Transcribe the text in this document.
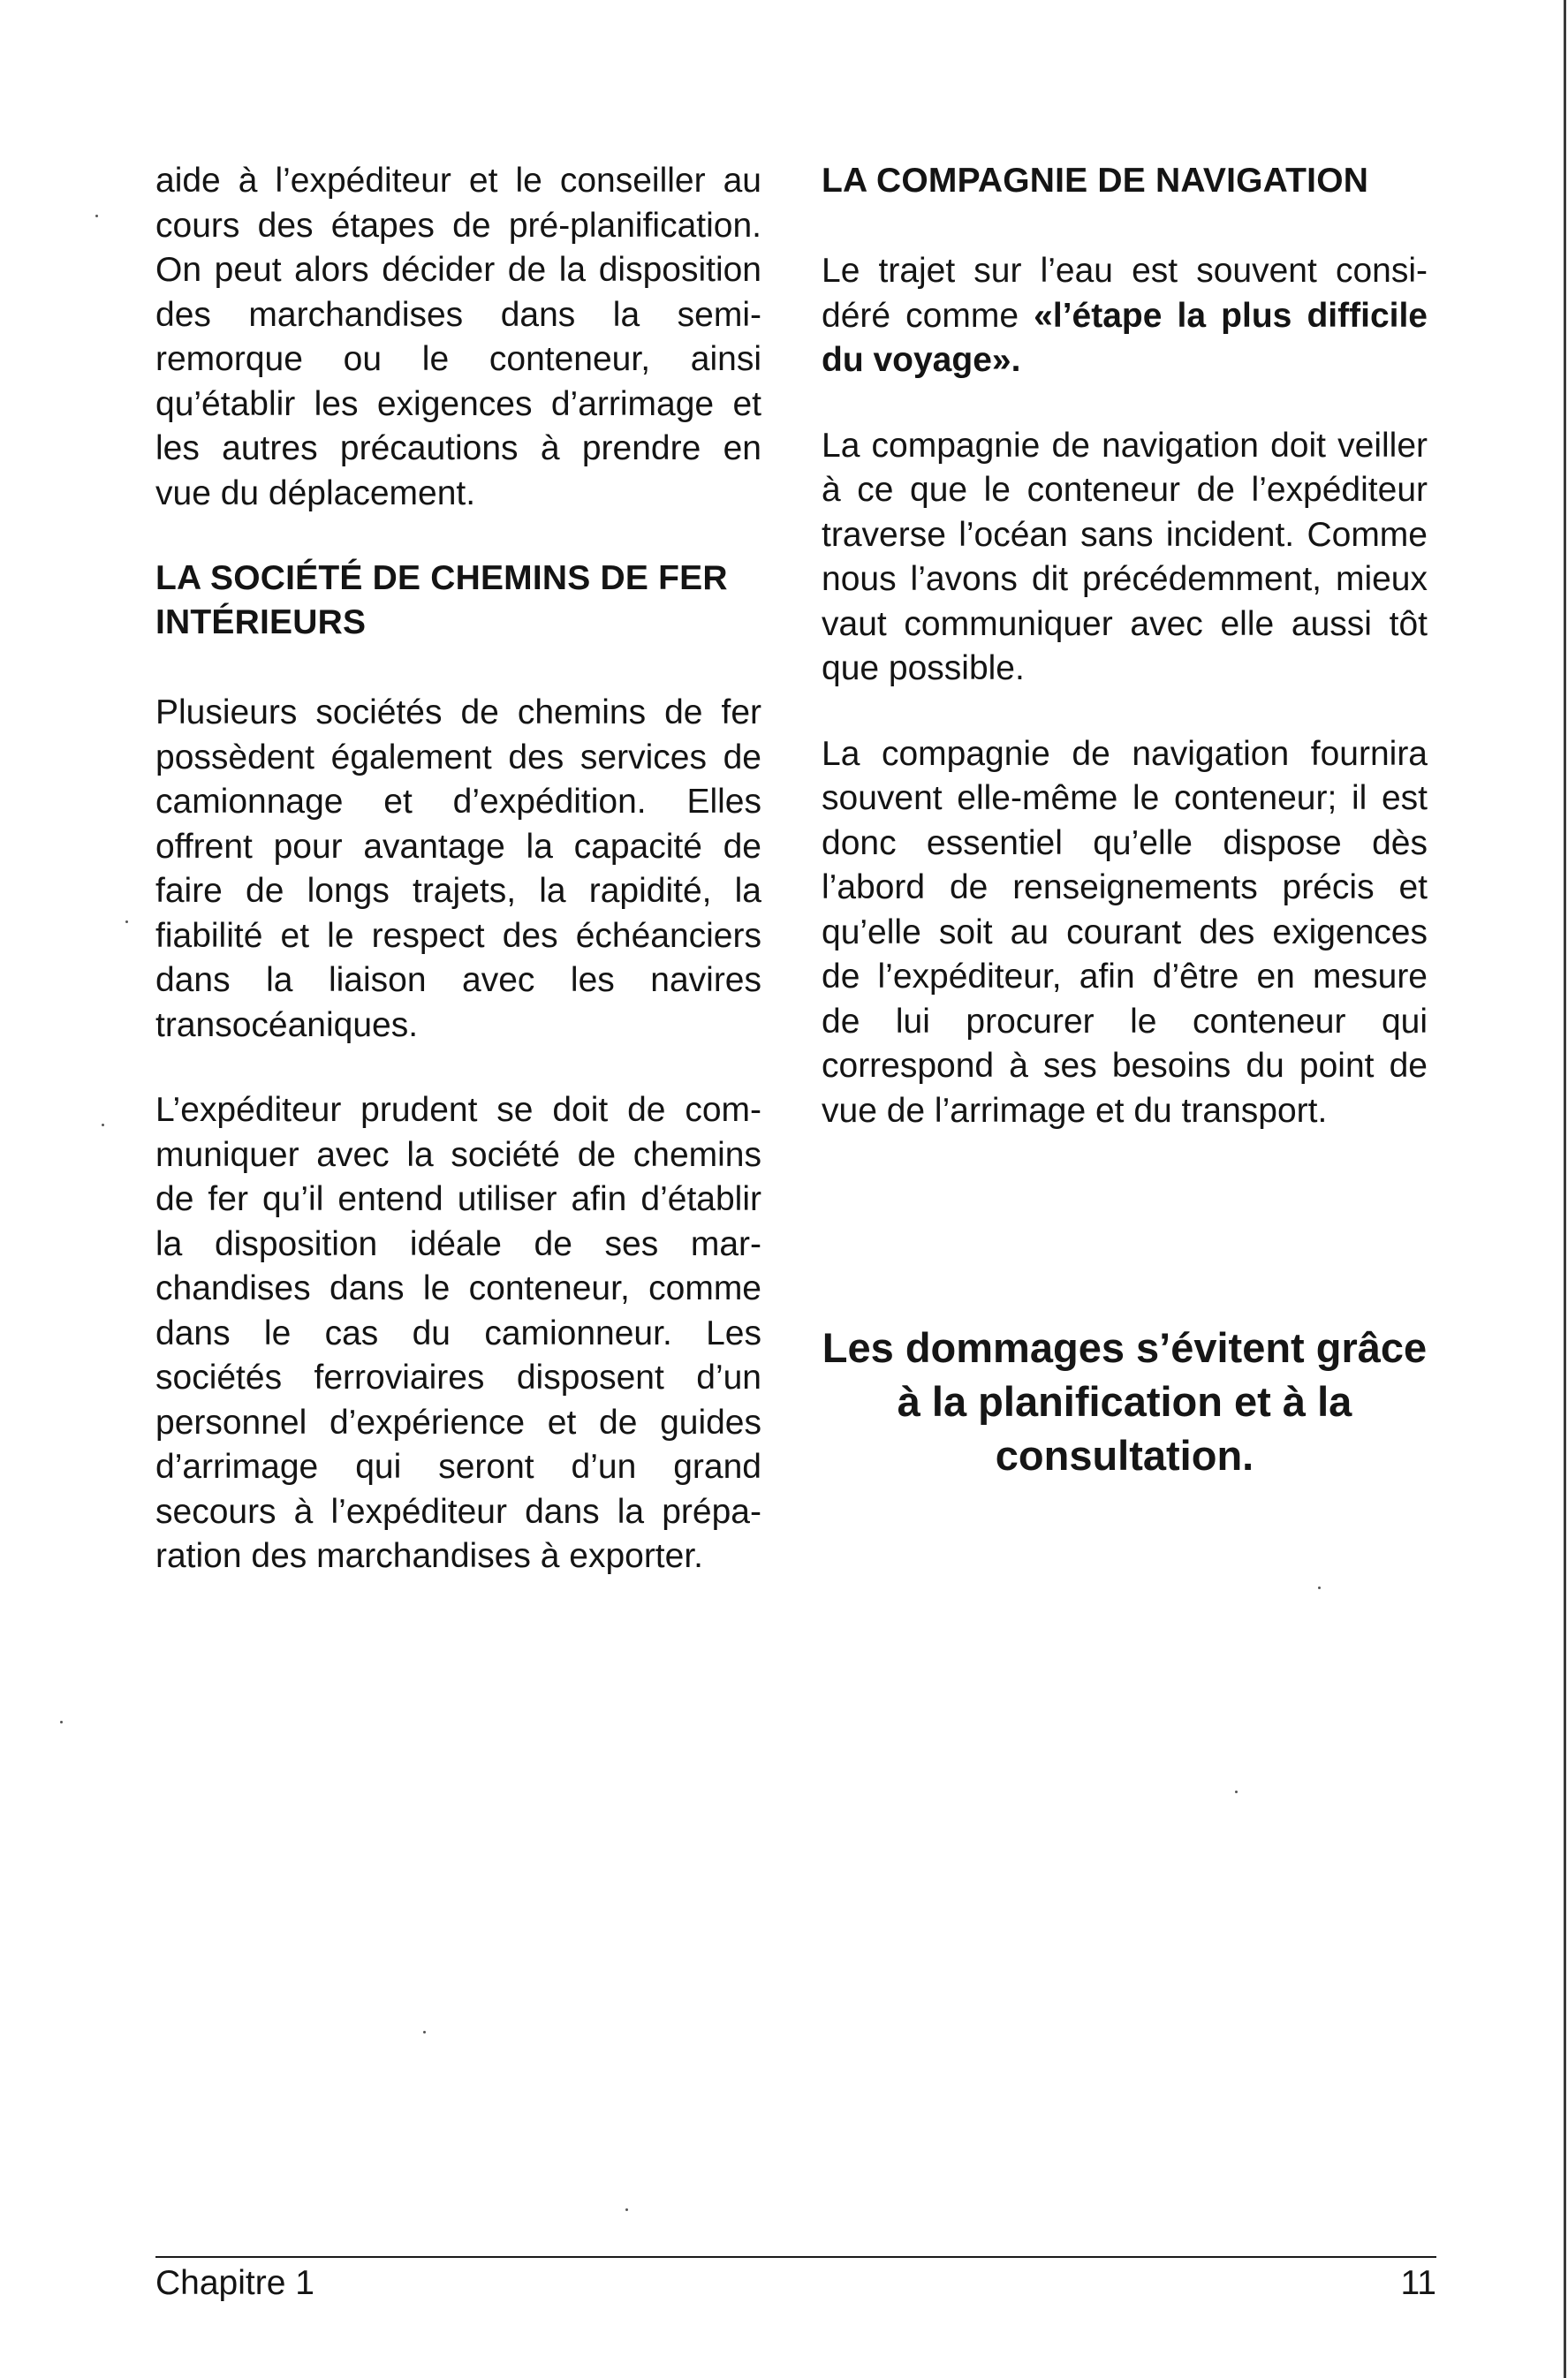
aide à l’expéditeur et le conseiller au cours des étapes de pré-planification. On peut alors décider de la disposition des marchandises dans la semi-remorque ou le conteneur, ainsi qu’établir les exigences d’arrimage et les autres précautions à prendre en vue du déplacement.

LA SOCIÉTÉ DE CHEMINS DE FER INTÉRIEURS

Plusieurs sociétés de chemins de fer possèdent également des services de camionnage et d’expédition. Elles offrent pour avantage la capacité de faire de longs trajets, la rapidité, la fiabilité et le respect des échéanciers dans la liaison avec les navires transocéaniques.

L’expéditeur prudent se doit de communiquer avec la société de chemins de fer qu’il entend utiliser afin d’établir la disposition idéale de ses marchandises dans le conteneur, comme dans le cas du camionneur. Les sociétés ferroviaires disposent d’un personnel d’expérience et de guides d’arrimage qui seront d’un grand secours à l’expéditeur dans la préparation des marchandises à exporter.

LA COMPAGNIE DE NAVIGATION

Le trajet sur l’eau est souvent considéré comme «l’étape la plus difficile du voyage».

La compagnie de navigation doit veiller à ce que le conteneur de l’expéditeur traverse l’océan sans incident. Comme nous l’avons dit précédemment, mieux vaut communiquer avec elle aussi tôt que possible.

La compagnie de navigation fournira souvent elle-même le conteneur; il est donc essentiel qu’elle dispose dès l’abord de renseignements précis et qu’elle soit au courant des exigences de l’expéditeur, afin d’être en mesure de lui procurer le conteneur qui correspond à ses besoins du point de vue de l’arrimage et du transport.

Les dommages s’évitent grâce à la planification et à la consultation.

Chapitre 1	11
